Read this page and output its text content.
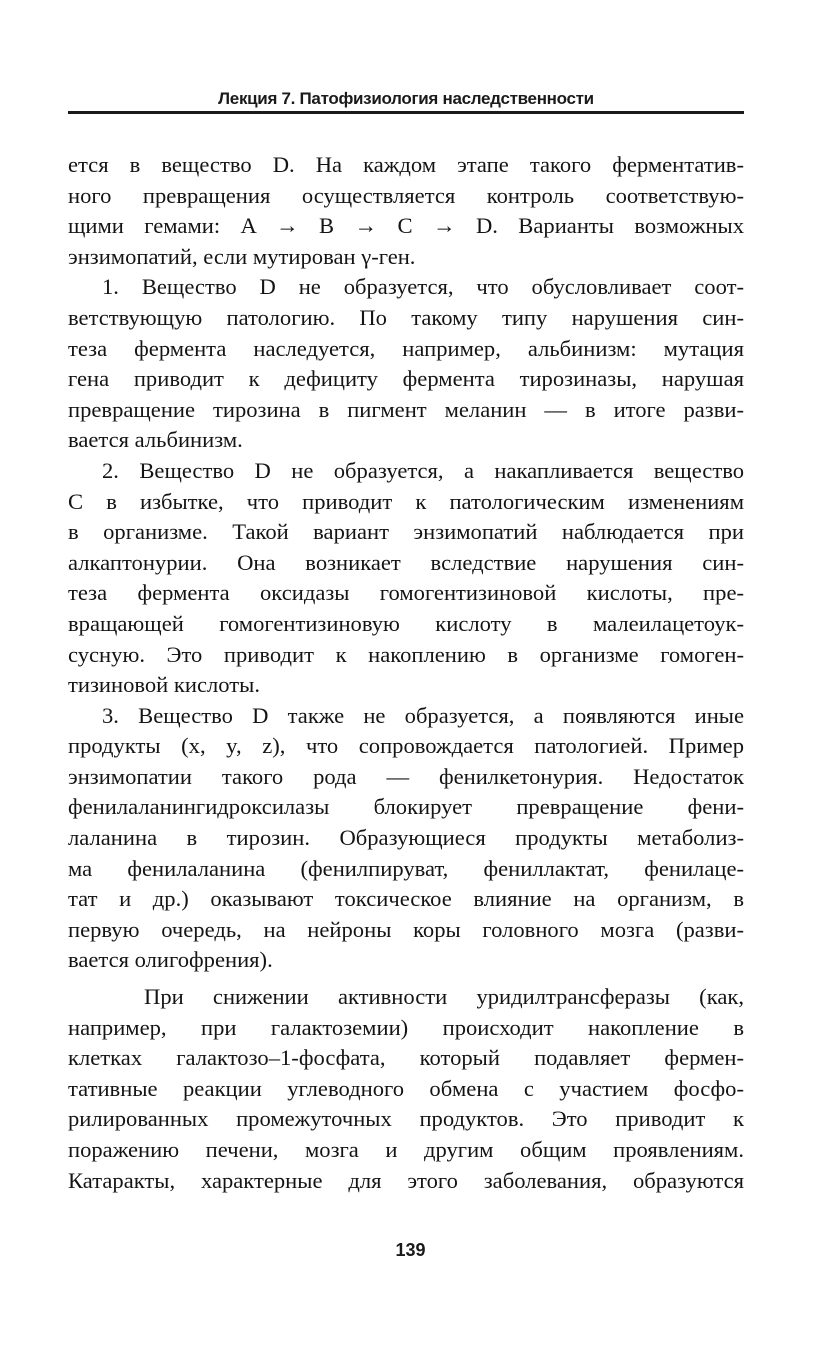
Лекция 7. Патофизиология наследственности
ется в вещество D. На каждом этапе такого ферментатив-
ного превращения осуществляется контроль соответствую-
щими гемами: A → B → C → D. Варианты возможных
энзимопатий, если мутирован γ-ген.
1. Вещество D не образуется, что обусловливает соот-
ветствующую патологию. По такому типу нарушения син-
теза фермента наследуется, например, альбинизм: мутация
гена приводит к дефициту фермента тирозиназы, нарушая
превращение тирозина в пигмент меланин — в итоге разви-
вается альбинизм.
2. Вещество D не образуется, а накапливается вещество
C в избытке, что приводит к патологическим изменениям
в организме. Такой вариант энзимопатий наблюдается при
алкаптонурии. Она возникает вследствие нарушения син-
теза фермента оксидазы гомогентизиновой кислоты, пре-
вращающей гомогентизиновую кислоту в малеилацетоук-
сусную. Это приводит к накоплению в организме гомоген-
тизиновой кислоты.
3. Вещество D также не образуется, а появляются иные
продукты (x, y, z), что сопровождается патологией. Пример
энзимопатии такого рода — фенилкетонурия. Недостаток
фенилаланингидроксилазы блокирует превращение фени-
лаланина в тирозин. Образующиеся продукты метаболиз-
ма фенилаланина (фенилпируват, фениллактат, фенилаце-
тат и др.) оказывают токсическое влияние на организм, в
первую очередь, на нейроны коры головного мозга (разви-
вается олигофрения).
При снижении активности уридилтрансферазы (как,
например, при галактоземии) происходит накопление в
клетках галактозо–1-фосфата, который подавляет фермен-
тативные реакции углеводного обмена с участием фосфо-
рилированных промежуточных продуктов. Это приводит к
поражению печени, мозга и другим общим проявлениям.
Катаракты, характерные для этого заболевания, образуются
139
